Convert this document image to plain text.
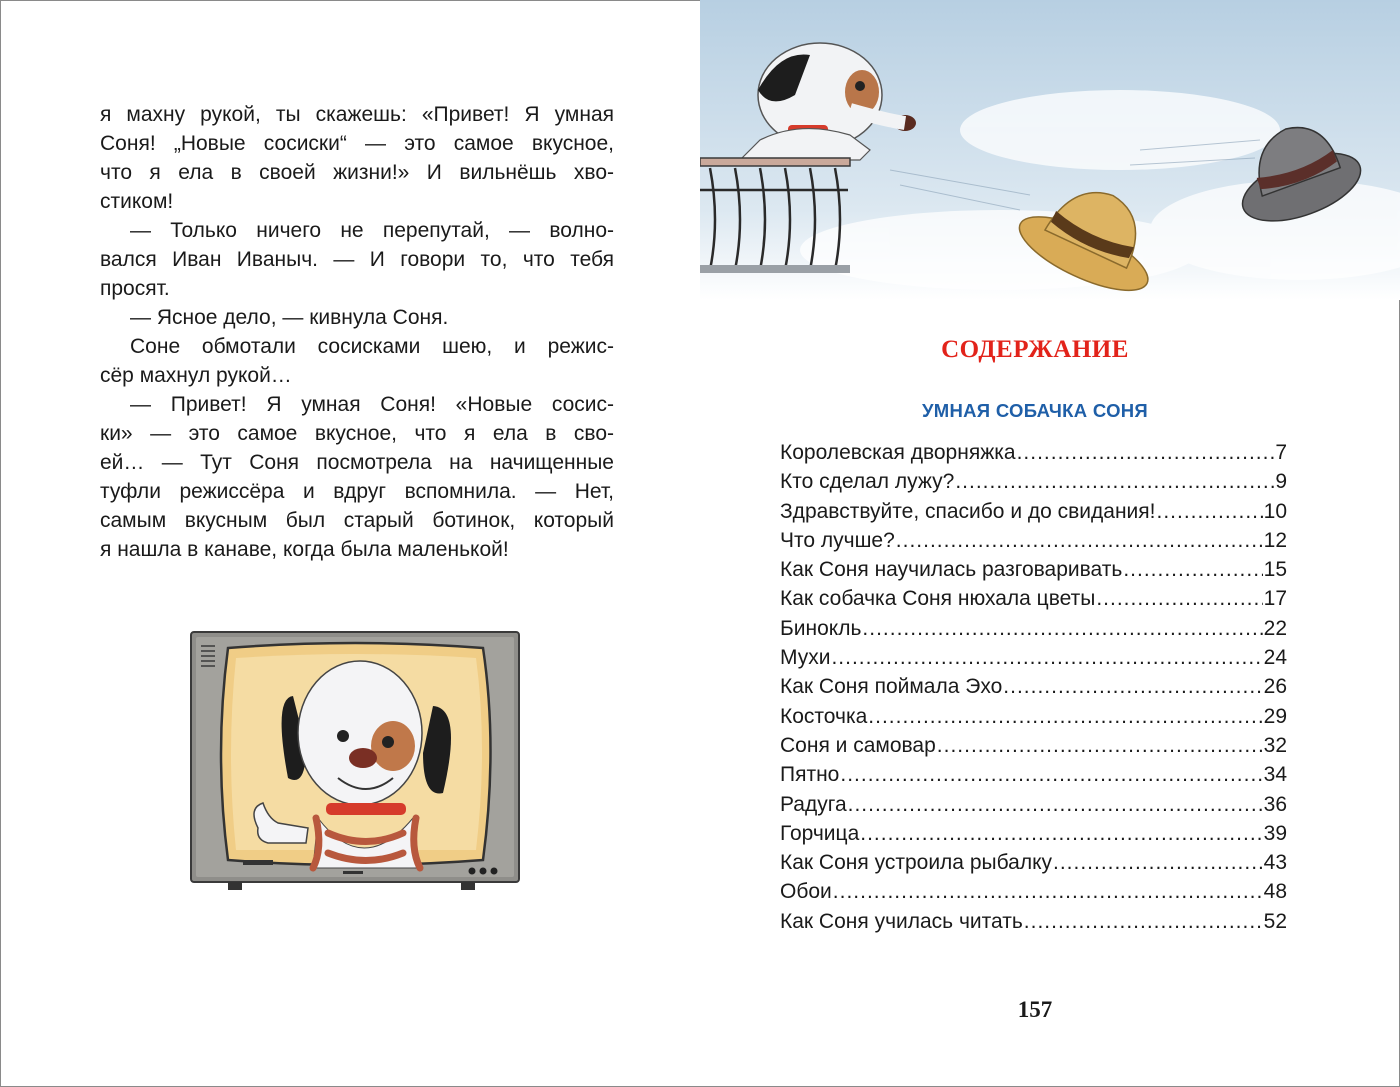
я махну рукой, ты скажешь: «Привет! Я умная
Соня! „Новые сосиски“ — это самое вкусное,
что я ела в своей жизни!» И вильнёшь хво-
стиком!
— Только ничего не перепутай, — волно-
вался Иван Иваныч. — И говори то, что тебя
просят.
— Ясное дело, — кивнула Соня.
Соне обмотали сосисками шею, и режис-
сёр махнул рукой…
— Привет! Я умная Соня! «Новые сосис-
ки» — это самое вкусное, что я ела в сво-
ей… — Тут Соня посмотрела на начищенные
туфли режиссёра и вдруг вспомнила. — Нет,
самым вкусным был старый ботинок, который
я нашла в канаве, когда была маленькой!
СОДЕРЖАНИЕ
УМНАЯ СОБАЧКА СОНЯ
Королевская дворняжка .....	7
Кто сделал лужу? .....	9
Здравствуйте, спасибо и до свидания! .....	10
Что лучше? .....	12
Как Соня научилась разговаривать .....	15
Как собачка Соня нюхала цветы .....	17
Бинокль .....	22
Мухи .....	24
Как Соня поймала Эхо .....	26
Косточка .....	29
Соня и самовар .....	32
Пятно .....	34
Радуга .....	36
Горчица .....	39
Как Соня устроила рыбалку .....	43
Обои .....	48
Как Соня училась читать .....	52
157
